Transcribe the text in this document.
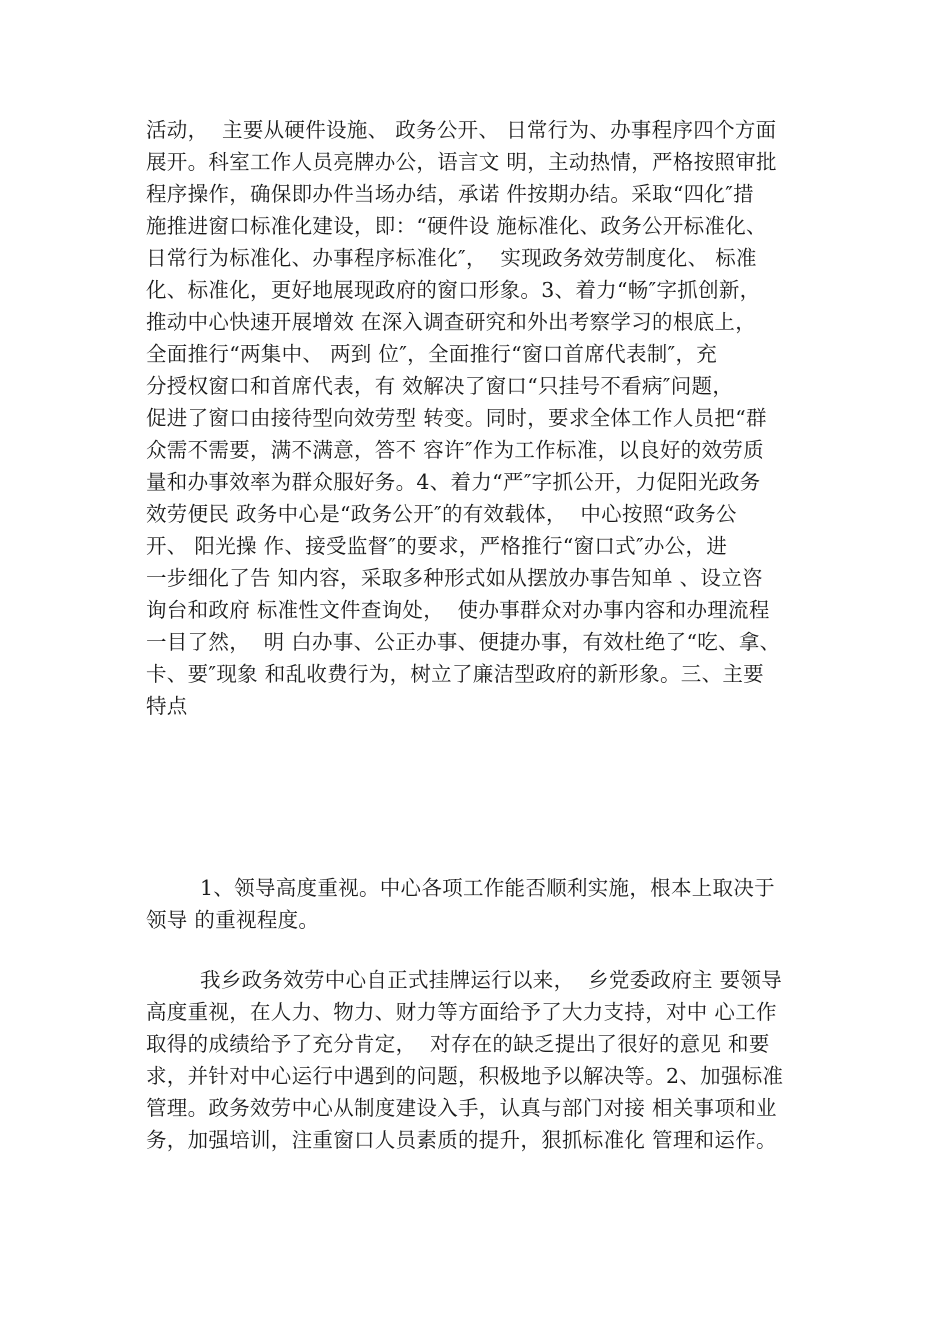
活动，  主要从硬件设施、 政务公开、 日常行为、办事程序四个方面
展开。科室工作人员亮牌办公，语言文 明，主动热情，严格按照审批
程序操作，确保即办件当场办结，承诺 件按期办结。采取“四化″措
施推进窗口标准化建设，即：“硬件设 施标准化、政务公开标准化、
日常行为标准化、办事程序标准化″，  实现政务效劳制度化、 标准
化、标准化，更好地展现政府的窗口形象。3、着力“畅″字抓创新，
推动中心快速开展增效 在深入调查研究和外出考察学习的根底上，
全面推行“两集中、 两到 位″，全面推行“窗口首席代表制″，充
分授权窗口和首席代表，有 效解决了窗口“只挂号不看病″问题，
促进了窗口由接待型向效劳型 转变。同时，要求全体工作人员把“群
众需不需要，满不满意，答不 容许″作为工作标准，以良好的效劳质
量和办事效率为群众服好务。4、着力“严″字抓公开，力促阳光政务
效劳便民 政务中心是“政务公开″的有效载体，  中心按照“政务公
开、 阳光操 作、接受监督″的要求，严格推行“窗口式″办公，进
一步细化了告 知内容，采取多种形式如从摆放办事告知单 、设立咨
询台和政府 标准性文件查询处，  使办事群众对办事内容和办理流程
一目了然，  明 白办事、公正办事、便捷办事，有效杜绝了“吃、拿、
卡、要″现象 和乱收费行为，树立了廉洁型政府的新形象。三、主要
特点
1、领导高度重视。中心各项工作能否顺利实施，根本上取决于
领导 的重视程度。
我乡政务效劳中心自正式挂牌运行以来，  乡党委政府主 要领导
高度重视，在人力、物力、财力等方面给予了大力支持，对中 心工作
取得的成绩给予了充分肯定，  对存在的缺乏提出了很好的意见 和要
求，并针对中心运行中遇到的问题，积极地予以解决等。2、加强标准
管理。政务效劳中心从制度建设入手，认真与部门对接 相关事项和业
务，加强培训，注重窗口人员素质的提升，狠抓标准化 管理和运作。
